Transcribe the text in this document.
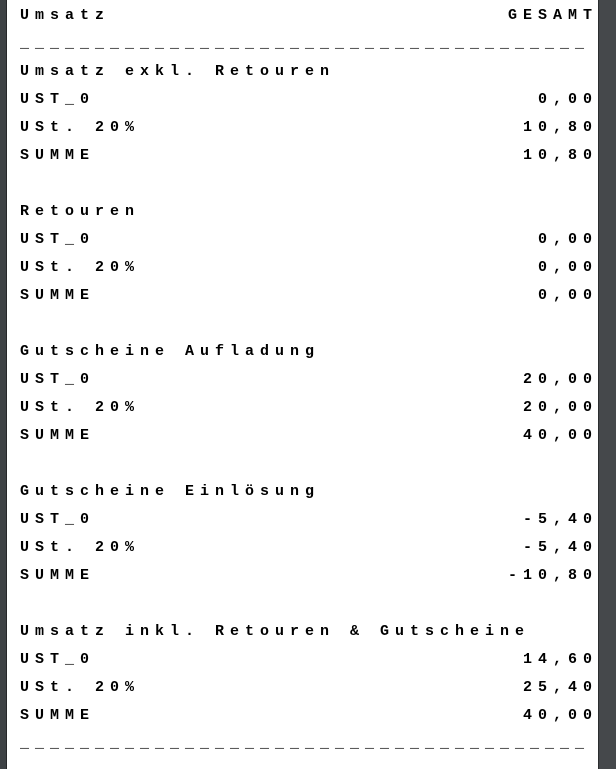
Umsatz	GESAMT
______________________________________
Umsatz exkl. Retouren
UST_0	0,00
USt. 20%	10,80
SUMME	10,80
Retouren
UST_0	0,00
USt. 20%	0,00
SUMME	0,00
Gutscheine Aufladung
UST_0	20,00
USt. 20%	20,00
SUMME	40,00
Gutscheine Einlösung
UST_0	-5,40
USt. 20%	-5,40
SUMME	-10,80
Umsatz inkl. Retouren & Gutscheine
UST_0	14,60
USt. 20%	25,40
SUMME	40,00
______________________________________
